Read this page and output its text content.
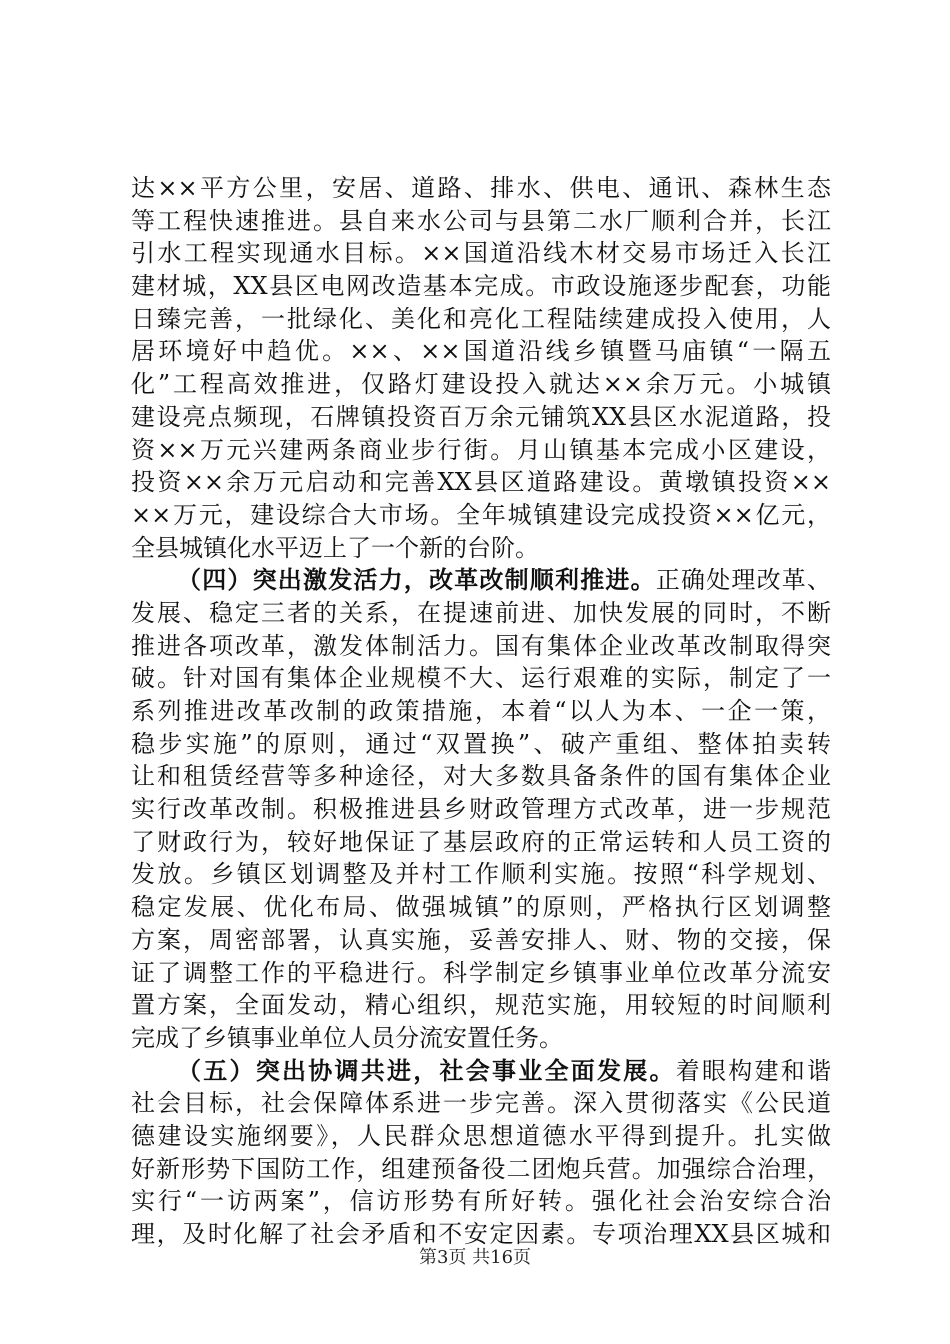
达××平方公里，安居、道路、排水、供电、通讯、森林生态
等工程快速推进。县自来水公司与县第二水厂顺利合并，长江
引水工程实现通水目标。××国道沿线木材交易市场迁入长江
建材城，XX县区电网改造基本完成。市政设施逐步配套，功能
日臻完善，一批绿化、美化和亮化工程陆续建成投入使用，人
居环境好中趋优。××、××国道沿线乡镇暨马庙镇“一隔五
化”工程高效推进，仅路灯建设投入就达××余万元。小城镇
建设亮点频现，石牌镇投资百万余元铺筑XX县区水泥道路，投
资××万元兴建两条商业步行街。月山镇基本完成小区建设，
投资××余万元启动和完善XX县区道路建设。黄墩镇投资××
××万元，建设综合大市场。全年城镇建设完成投资××亿元，
全县城镇化水平迈上了一个新的台阶。
（四）突出激发活力，改革改制顺利推进。正确处理改革、
发展、稳定三者的关系，在提速前进、加快发展的同时，不断
推进各项改革，激发体制活力。国有集体企业改革改制取得突
破。针对国有集体企业规模不大、运行艰难的实际，制定了一
系列推进改革改制的政策措施，本着“以人为本、一企一策，
稳步实施”的原则，通过“双置换”、破产重组、整体拍卖转
让和租赁经营等多种途径，对大多数具备条件的国有集体企业
实行改革改制。积极推进县乡财政管理方式改革，进一步规范
了财政行为，较好地保证了基层政府的正常运转和人员工资的
发放。乡镇区划调整及并村工作顺利实施。按照“科学规划、
稳定发展、优化布局、做强城镇”的原则，严格执行区划调整
方案，周密部署，认真实施，妥善安排人、财、物的交接，保
证了调整工作的平稳进行。科学制定乡镇事业单位改革分流安
置方案，全面发动，精心组织，规范实施，用较短的时间顺利
完成了乡镇事业单位人员分流安置任务。
（五）突出协调共进，社会事业全面发展。着眼构建和谐
社会目标，社会保障体系进一步完善。深入贯彻落实《公民道
德建设实施纲要》，人民群众思想道德水平得到提升。扎实做
好新形势下国防工作，组建预备役二团炮兵营。加强综合治理，
实行“一访两案”，信访形势有所好转。强化社会治安综合治
理，及时化解了社会矛盾和不安定因素。专项治理XX县区城和
第3页 共16页
